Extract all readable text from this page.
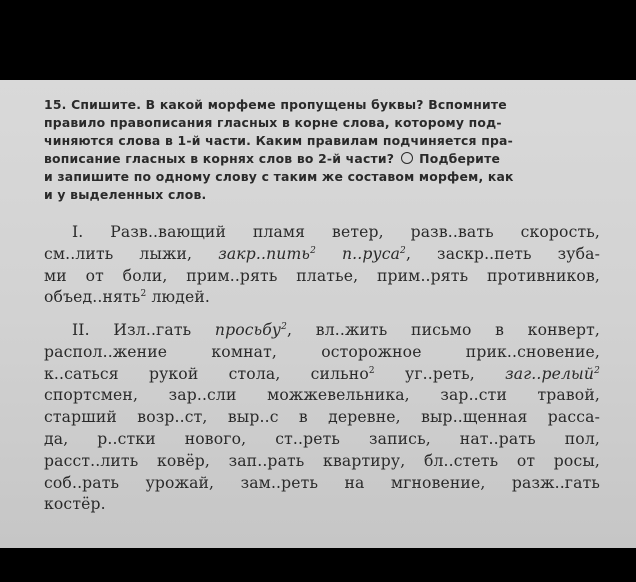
15. Спишите. В какой морфеме пропущены буквы? Вспомните
правило правописания гласных в корне слова, которому под-
чиняются слова в 1-й части. Каким правилам подчиняется пра-
вописание гласных в корнях слов во 2-й части? Подберите
и запишите по одному слову с таким же составом морфем, как
и у выделенных слов.
I. Разв..вающий пламя ветер, разв..вать скорость,
см..лить лыжи, закр..пить$^2$ п..руса$^2$, заскр..петь зуба-
ми от боли, прим..рять платье, прим..рять противников,
объед..нять$^2$ людей.
II. Изл..гать просьбу$^2$, вл..жить письмо в конверт,
распол..жение комнат, осторожное прик..сновение,
к..саться рукой стола, сильно$^2$ уг..реть, заг..релый$^2$
спортсмен, зар..сли можжевельника, зар..сти травой,
старший возр..ст, выр..с в деревне, выр..щенная расса-
да, р..стки нового, ст..реть запись, нат..рать пол,
расст..лить ковёр, зап..рать квартиру, бл..стеть от росы,
соб..рать урожай, зам..реть на мгновение, разж..гать
костёр.
